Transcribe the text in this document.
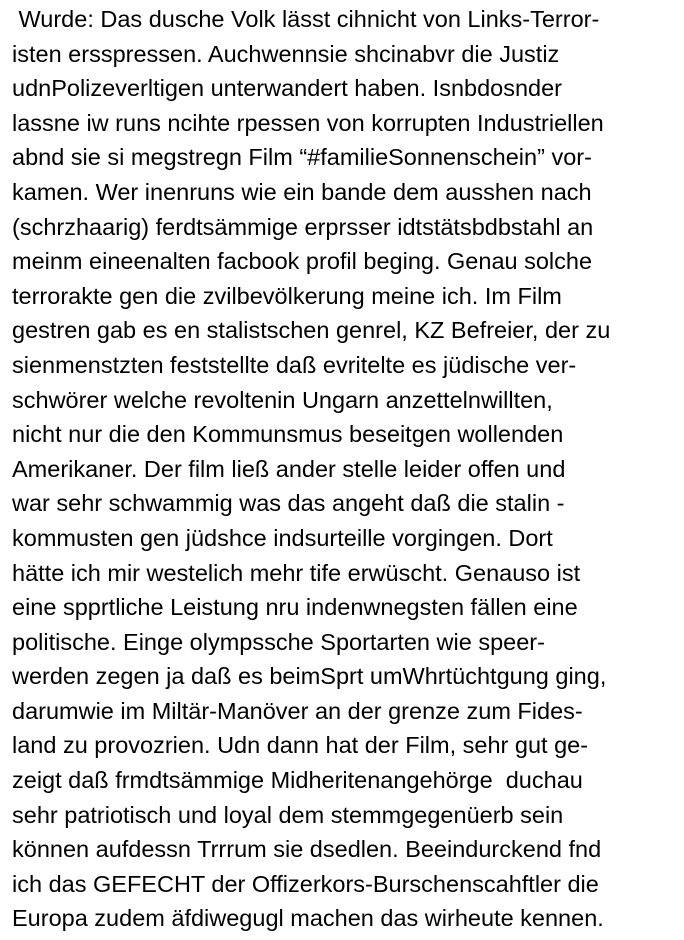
Wurde: Das dusche Volk lässt cihnicht von Links-Terror-
isten ersspressen. Auchwennsie shcinabvr die Justiz
udnPolizeverltigen unterwandert haben. Isnbdosnder
lassne iw runs ncihte rpessen von korrupten Industriellen
abnd sie si megstregn Film “#familieSonnenschein” vor-
kamen. Wer inenruns wie ein bande dem ausshen nach
(schrzhaarig) ferdtsämmige erprsser idtstätsbdbstahl an
meinm eineenalten facbook profil beging. Genau solche
terrorakte gen die zvilbevölkerung meine ich. Im Film
gestren gab es en stalistschen genrel, KZ Befreier, der zu
sienmenstzten feststellte daß evritelte es jüdische ver-
schwörer welche revoltenin Ungarn anzettelnwillten,
nicht nur die den Kommunsmus beseitgen wollenden
Amerikaner. Der film ließ ander stelle leider offen und
war sehr schwammig was das angeht daß die stalin -
kommusten gen jüdshce indsurteille vorgingen. Dort
hätte ich mir westelich mehr tife erwüscht. Genauso ist
eine spprtliche Leistung nru indenwnegsten fällen eine
politische. Einge olympssche Sportarten wie speer-
werden zegen ja daß es beimSprt umWhrtüchtgung ging,
darumwie im Miltär-Manöver an der grenze zum Fides-
land zu provozrien. Udn dann hat der Film, sehr gut ge-
zeigt daß frmdtsämmige Midheritenangehörge  duchau
sehr patriotisch und loyal dem stemmgegenüerb sein
können aufdessn Trrrum sie dsedlen. Beeindurckend fnd
ich das GEFECHT der Offizerkors-Burschenscahftler die
Europa zudem äfdiwegugl machen das wirheute kennen.
